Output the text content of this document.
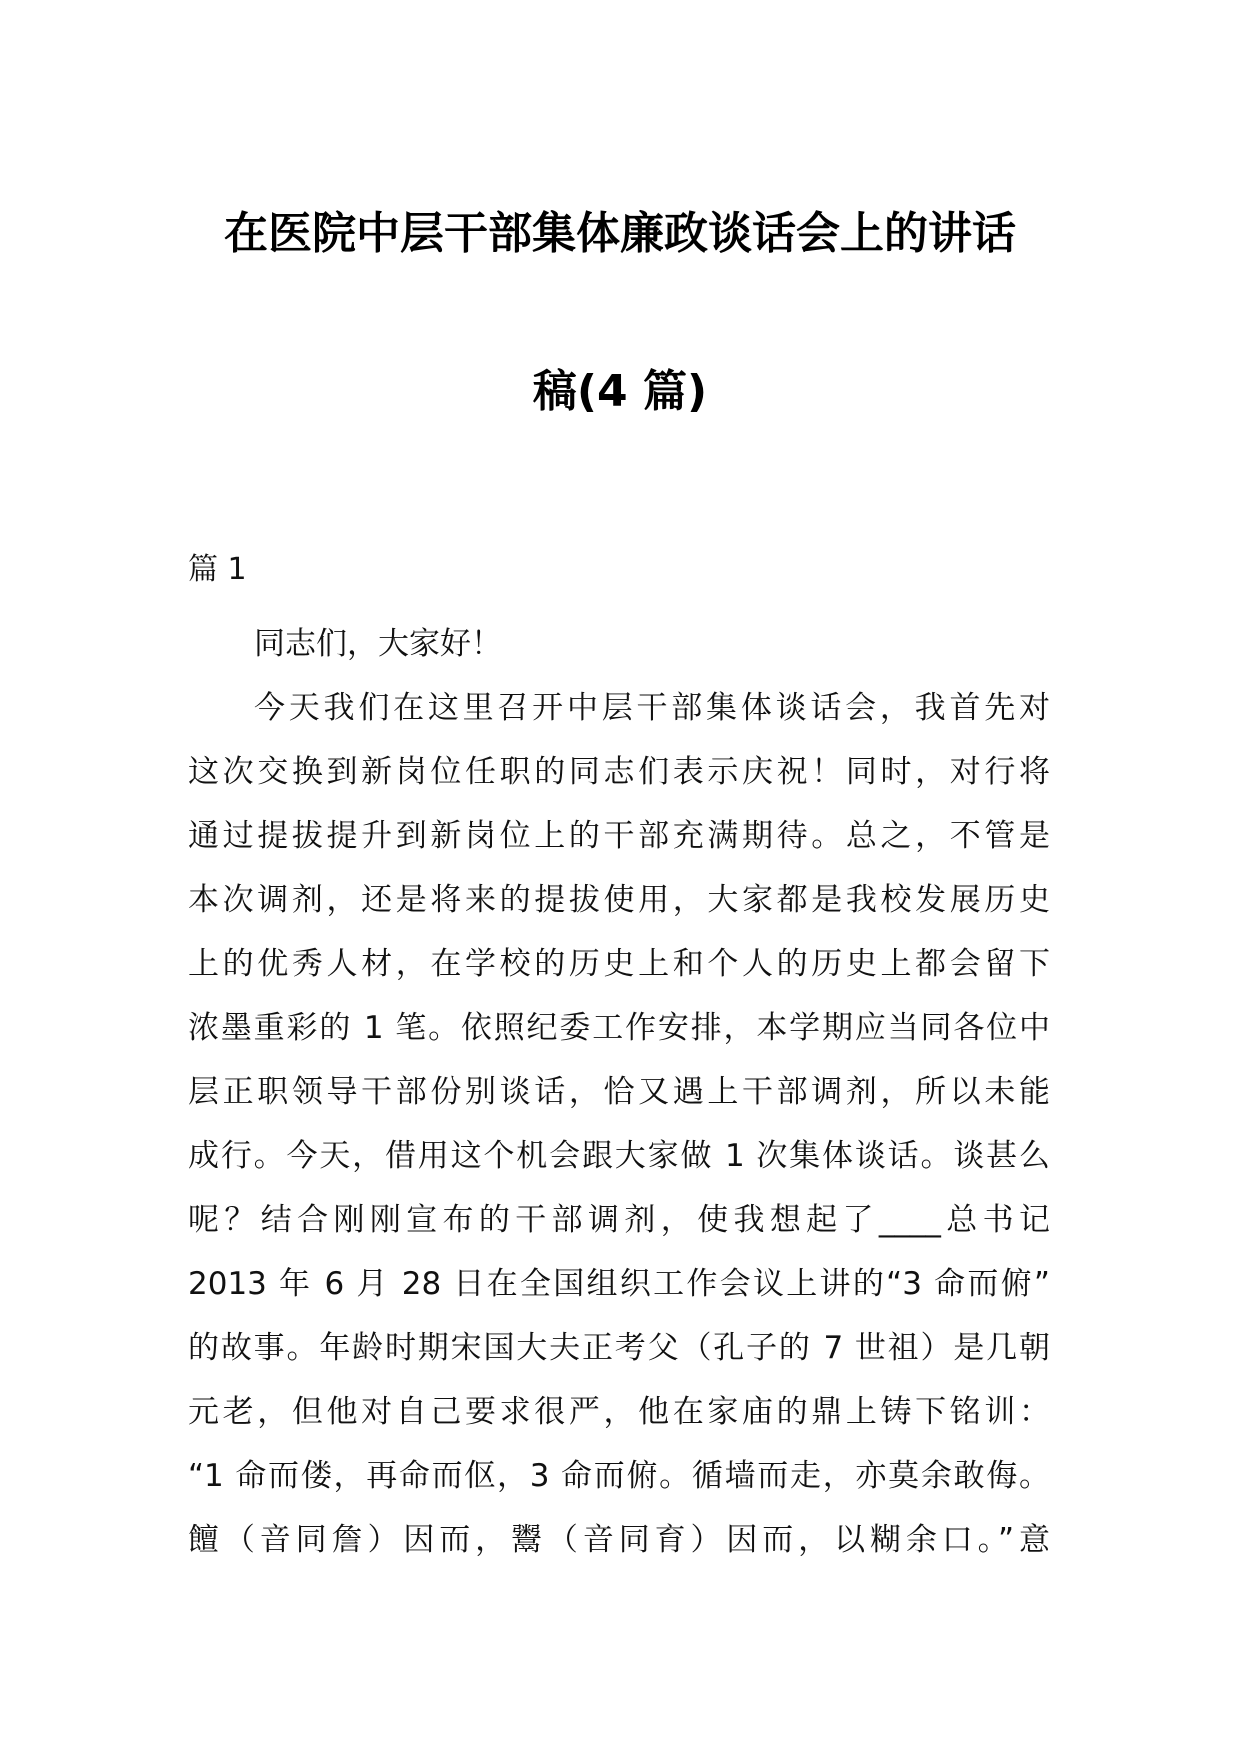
在医院中层干部集体廉政谈话会上的讲话
稿(4 篇)
篇 1
同志们，大家好！
今天我们在这里召开中层干部集体谈话会，我首先对
这次交换到新岗位任职的同志们表示庆祝！同时，对行将
通过提拔提升到新岗位上的干部充满期待。总之，不管是
本次调剂，还是将来的提拔使用，大家都是我校发展历史
上的优秀人材，在学校的历史上和个人的历史上都会留下
浓墨重彩的 1 笔。依照纪委工作安排，本学期应当同各位中
层正职领导干部份别谈话，恰又遇上干部调剂，所以未能
成行。今天，借用这个机会跟大家做 1 次集体谈话。谈甚么
呢？结合刚刚宣布的干部调剂，使我想起了____总书记
2013 年 6 月 28 日在全国组织工作会议上讲的“3 命而俯”
的故事。年龄时期宋国大夫正考父（孔子的 7 世祖）是几朝
元老，但他对自己要求很严，他在家庙的鼎上铸下铭训：
“1 命而偻，再命而伛，3 命而俯。循墙而走，亦莫余敢侮。
饘（音同詹）因而，鬻（音同育）因而，以糊余口。”意
